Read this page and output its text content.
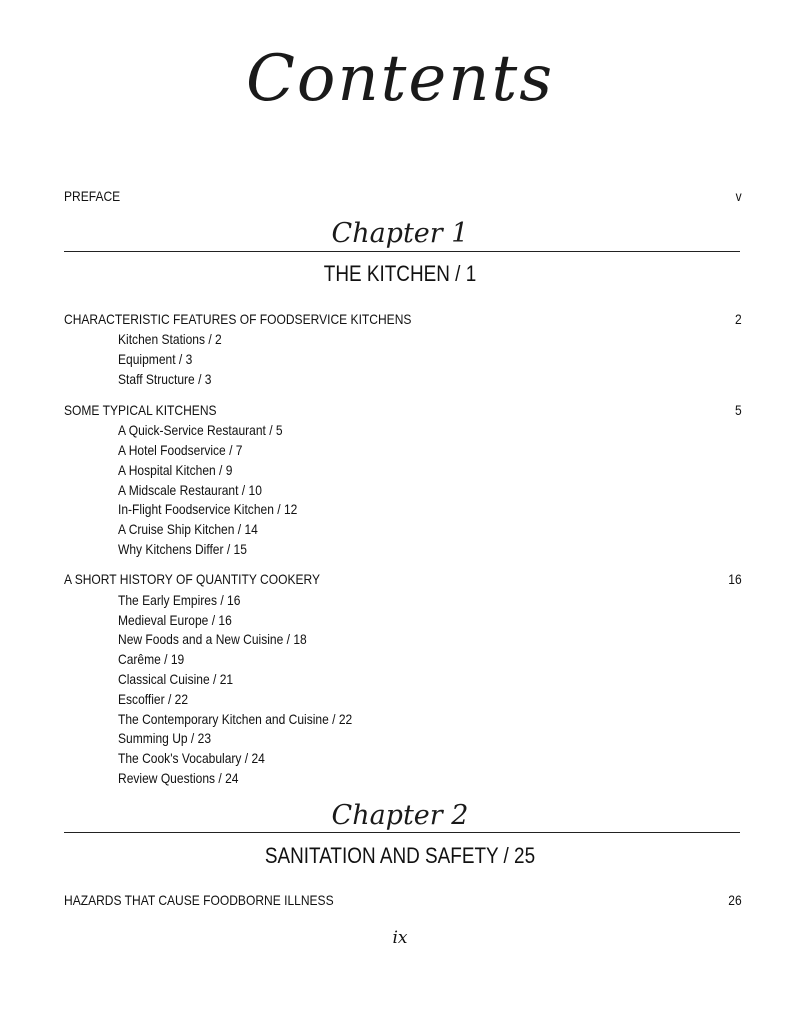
Contents
PREFACE	v
Chapter 1
THE KITCHEN / 1
CHARACTERISTIC FEATURES OF FOODSERVICE KITCHENS	2
Kitchen Stations / 2
Equipment / 3
Staff Structure / 3
SOME TYPICAL KITCHENS	5
A Quick-Service Restaurant / 5
A Hotel Foodservice / 7
A Hospital Kitchen / 9
A Midscale Restaurant / 10
In-Flight Foodservice Kitchen / 12
A Cruise Ship Kitchen / 14
Why Kitchens Differ / 15
A SHORT HISTORY OF QUANTITY COOKERY	16
The Early Empires / 16
Medieval Europe / 16
New Foods and a New Cuisine / 18
Carême / 19
Classical Cuisine / 21
Escoffier / 22
The Contemporary Kitchen and Cuisine / 22
Summing Up / 23
The Cook's Vocabulary / 24
Review Questions / 24
Chapter 2
SANITATION AND SAFETY / 25
HAZARDS THAT CAUSE FOODBORNE ILLNESS	26
ix
